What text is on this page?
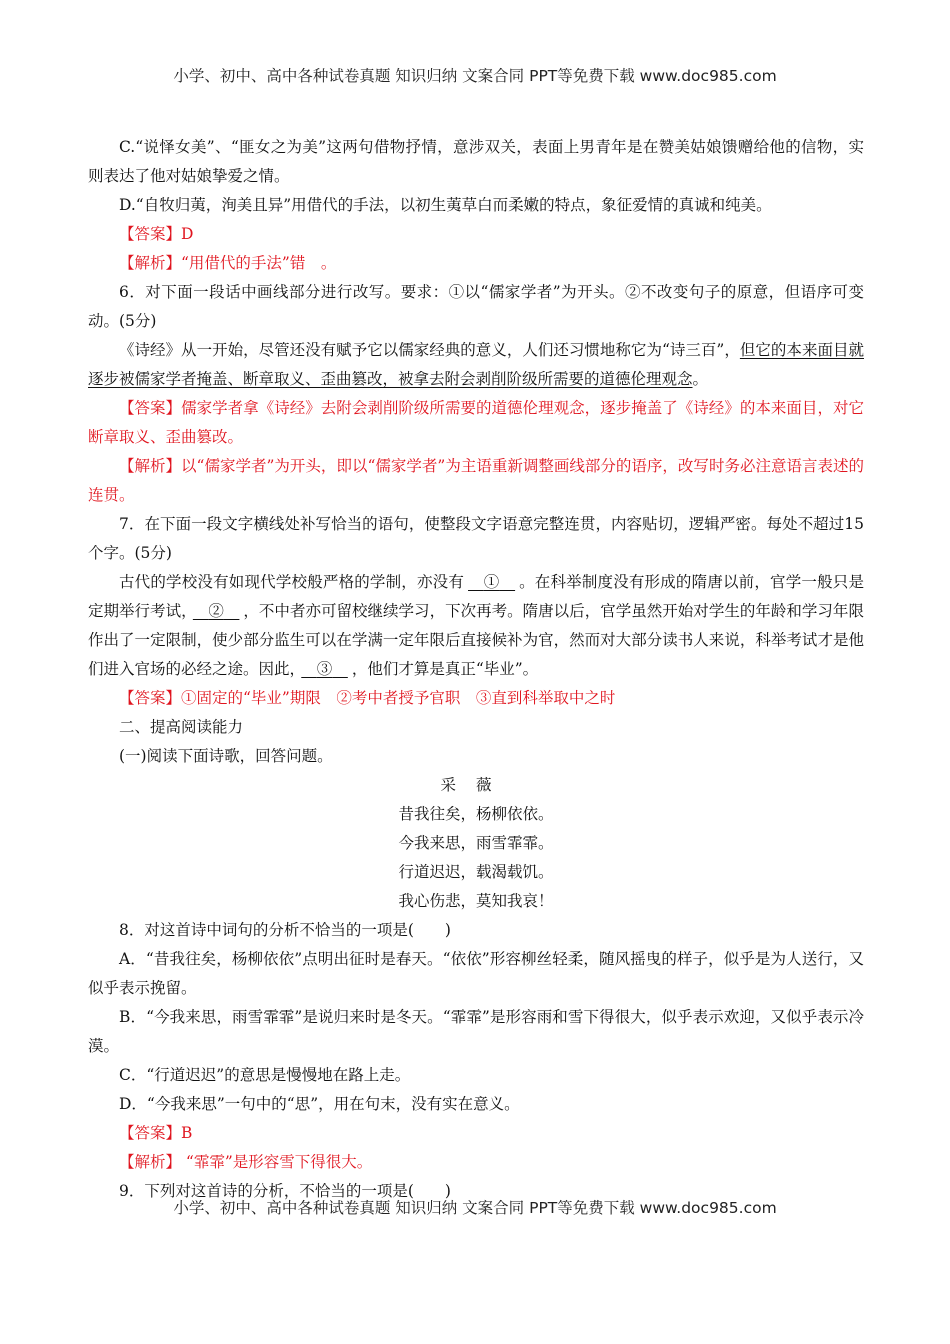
小学、初中、高中各种试卷真题 知识归纳 文案合同 PPT等免费下载 www.doc985.com

C.“说怿女美”、“匪女之为美”这两句借物抒情，意涉双关，表面上男青年是在赞美姑娘馈赠给他的信物，实则表达了他对姑娘挚爱之情。

D.“自牧归荑，洵美且异”用借代的手法，以初生荑草白而柔嫩的特点，象征爱情的真诚和纯美。

【答案】D

【解析】“用借代的手法”错　。

6．对下面一段话中画线部分进行改写。要求：①以“儒家学者”为开头。②不改变句子的原意，但语序可变动。(5分)

《诗经》从一开始，尽管还没有赋予它以儒家经典的意义，人们还习惯地称它为“诗三百”，但它的本来面目就逐步被儒家学者掩盖、断章取义、歪曲篡改，被拿去附会剥削阶级所需要的道德伦理观念。

【答案】儒家学者拿《诗经》去附会剥削阶级所需要的道德伦理观念，逐步掩盖了《诗经》的本来面目，对它断章取义、歪曲篡改。

【解析】以“儒家学者”为开头，即以“儒家学者”为主语重新调整画线部分的语序，改写时务必注意语言表述的连贯。

7．在下面一段文字横线处补写恰当的语句，使整段文字语意完整连贯，内容贴切，逻辑严密。每处不超过15个字。(5分)

古代的学校没有如现代学校般严格的学制，亦没有　 ①　 。在科举制度没有形成的隋唐以前，官学一般只是定期举行考试，　 ②　 ，不中者亦可留校继续学习，下次再考。隋唐以后，官学虽然开始对学生的年龄和学习年限作出了一定限制，使少部分监生可以在学满一定年限后直接候补为官，然而对大部分读书人来说，科举考试才是他们进入官场的必经之途。因此，　 ③　 ，他们才算是真正“毕业”。

【答案】①固定的“毕业”期限　②考中者授予官职　③直到科举取中之时

二、提高阅读能力

(一)阅读下面诗歌，回答问题。

采薇

昔我往矣，杨柳依依。

今我来思，雨雪霏霏。

行道迟迟，载渴载饥。

我心伤悲，莫知我哀！

8．对这首诗中词句的分析不恰当的一项是(　　)

A．“昔我往矣，杨柳依依”点明出征时是春天。“依依”形容柳丝轻柔，随风摇曳的样子，似乎是为人送行，又似乎表示挽留。

B．“今我来思，雨雪霏霏”是说归来时是冬天。“霏霏”是形容雨和雪下得很大，似乎表示欢迎，又似乎表示冷漠。

C．“行道迟迟”的意思是慢慢地在路上走。

D．“今我来思”一句中的“思”，用在句末，没有实在意义。

【答案】B

【解析】 “霏霏”是形容雪下得很大。

9．下列对这首诗的分析，不恰当的一项是(　　)

小学、初中、高中各种试卷真题 知识归纳 文案合同 PPT等免费下载 www.doc985.com
